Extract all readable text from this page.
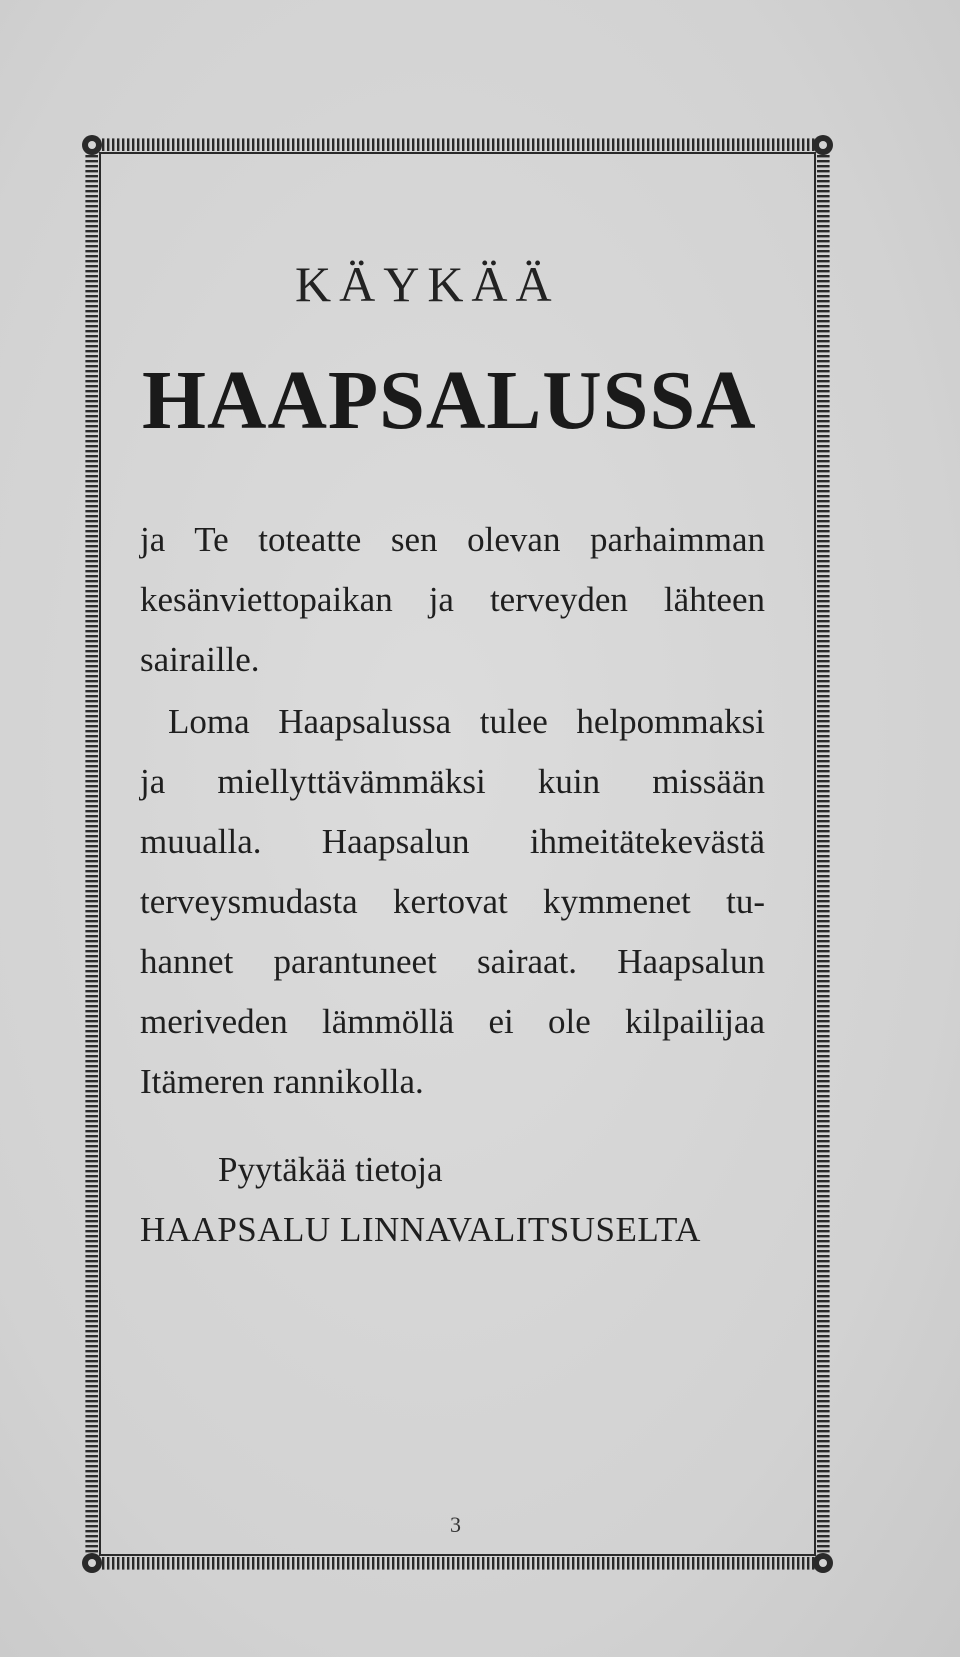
KÄYKÄÄ
HAAPSALUSSA
ja Te toteatte sen olevan parhaimman
kesänviettopaikan ja terveyden lähteen
sairaille.
Loma Haapsalussa tulee helpommaksi
ja miellyttävämmäksi kuin missään
muualla. Haapsalun ihmeitätekevästä
terveysmudasta kertovat kymmenet tu-
hannet parantuneet sairaat. Haapsalun
meriveden lämmöllä ei ole kilpailijaa
Itämeren rannikolla.
Pyytäkää tietoja
HAAPSALU LINNAVALITSUSELTA
3
